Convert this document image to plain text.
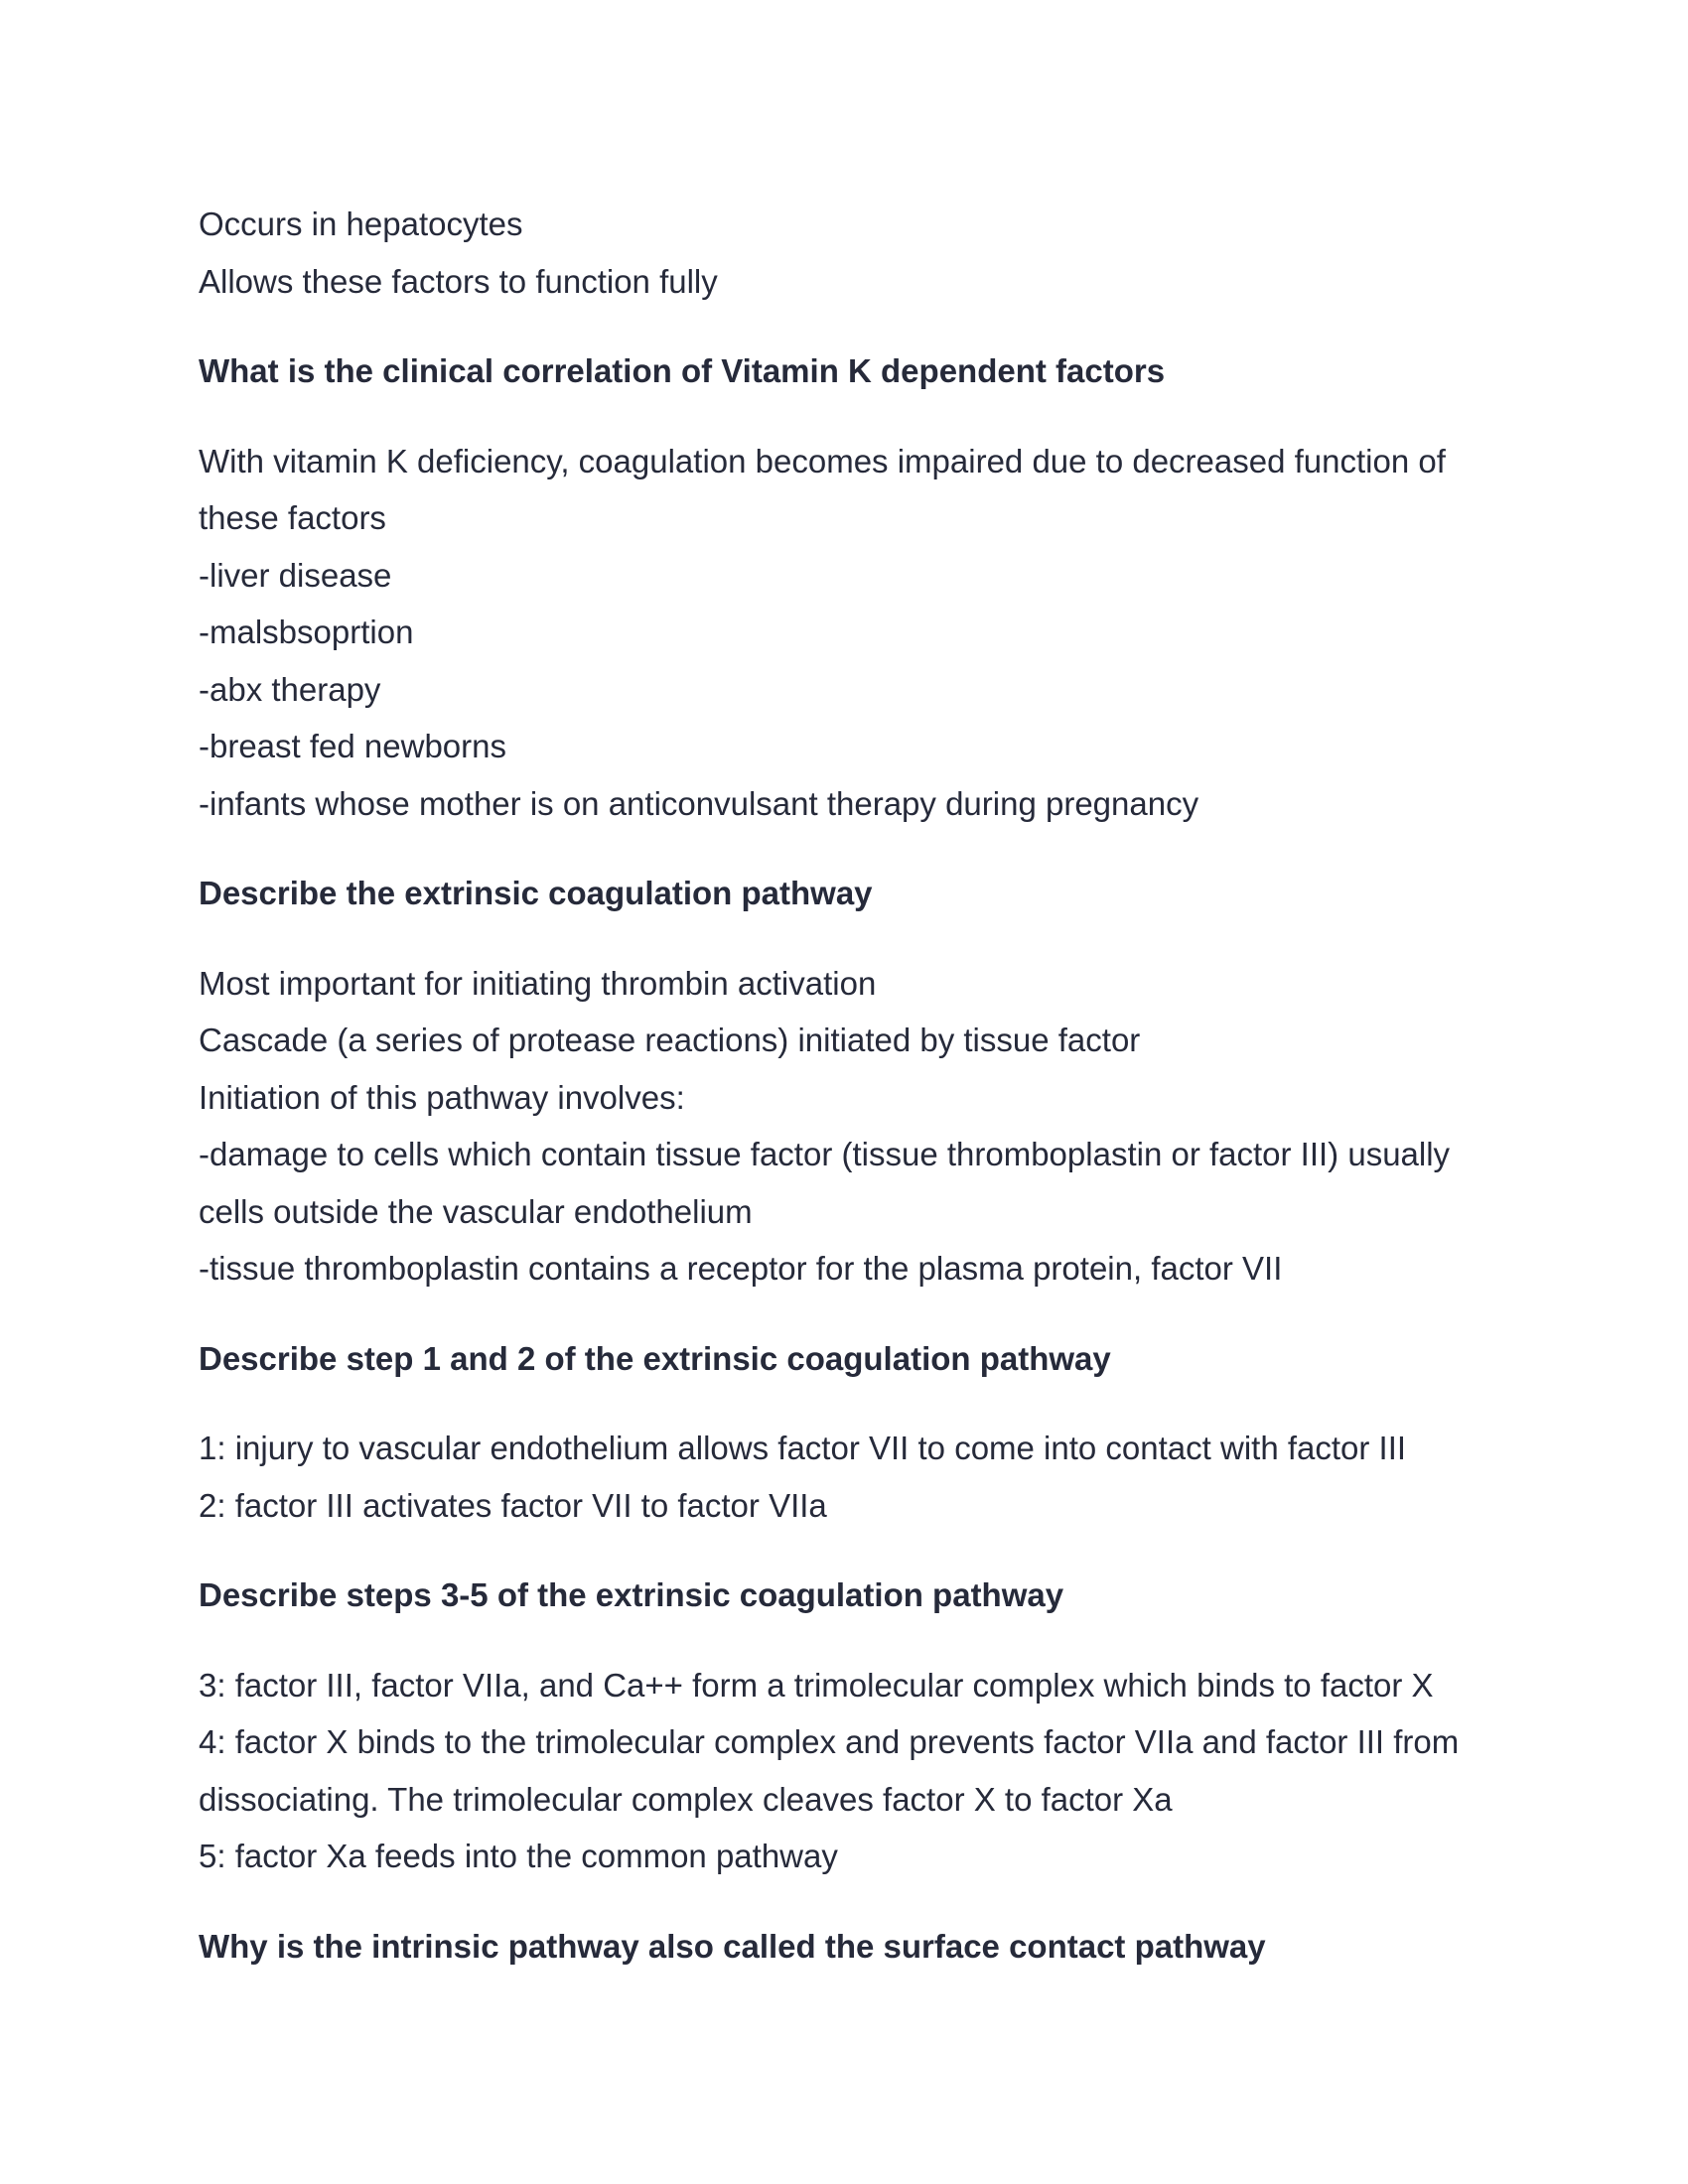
Occurs in hepatocytes

Allows these factors to function fully

What is the clinical correlation of Vitamin K dependent factors

With vitamin K deficiency, coagulation becomes impaired due to decreased function of

these factors

-liver disease

-malsbsoprtion

-abx therapy

-breast fed newborns

-infants whose mother is on anticonvulsant therapy during pregnancy

Describe the extrinsic coagulation pathway

Most important for initiating thrombin activation

Cascade (a series of protease reactions) initiated by tissue factor

Initiation of this pathway involves:

-damage to cells which contain tissue factor (tissue thromboplastin or factor III) usually

cells outside the vascular endothelium

-tissue thromboplastin contains a receptor for the plasma protein, factor VII

Describe step 1 and 2 of the extrinsic coagulation pathway

1: injury to vascular endothelium allows factor VII to come into contact with factor III

2: factor III activates factor VII to factor VIIa

Describe steps 3-5 of the extrinsic coagulation pathway

3: factor III, factor VIIa, and Ca++ form a trimolecular complex which binds to factor X

4: factor X binds to the trimolecular complex and prevents factor VIIa and factor III from

dissociating. The trimolecular complex cleaves factor X to factor Xa

5: factor Xa feeds into the common pathway

Why is the intrinsic pathway also called the surface contact pathway
